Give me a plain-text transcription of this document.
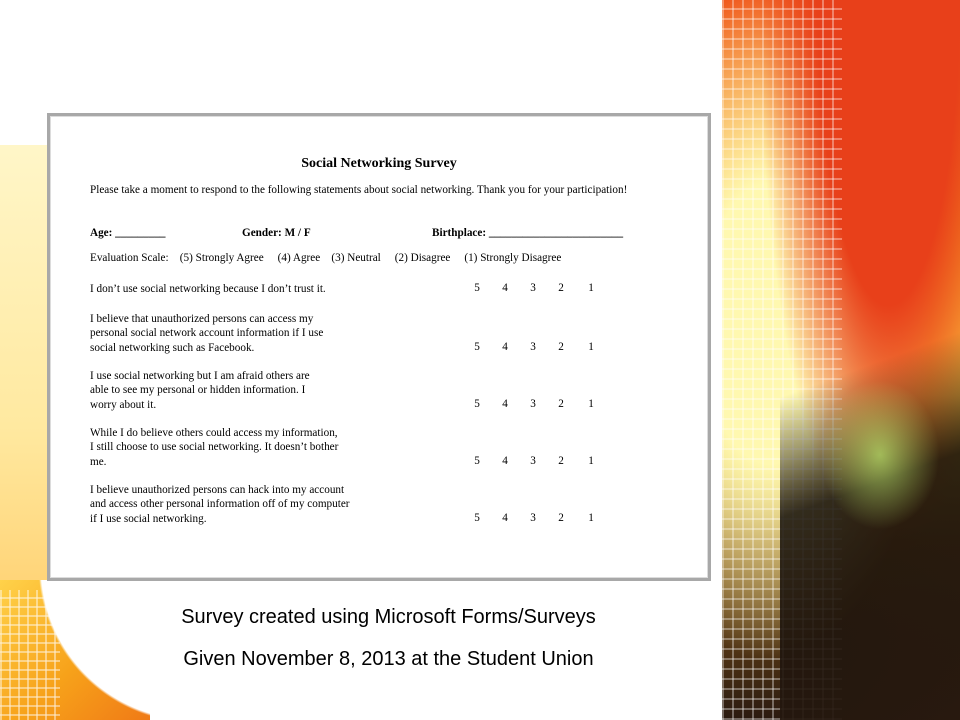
Social Networking Survey
Please take a moment to respond to the following statements about social networking. Thank you for your participation!
Age: _________	Gender: M / F	Birthplace: ________________________
Evaluation Scale:    (5) Strongly Agree     (4) Agree    (3) Neutral     (2) Disagree     (1) Strongly Disagree
I don’t use social networking because I don’t trust it.	5	4	3	2	1
I believe that unauthorized persons can access my
personal social network account information if I use
social networking such as Facebook.	5	4	3	2	1
I use social networking but I am afraid others are
able to see my personal or hidden information. I
worry about it.	5	4	3	2	1
While I do believe others could access my information,
I still choose to use social networking. It doesn’t bother
me.	5	4	3	2	1
I believe unauthorized persons can hack into my account
and access other personal information off of my computer
if I use social networking.	5	4	3	2	1
Survey created using Microsoft Forms/Surveys
Given November 8, 2013 at the Student Union
